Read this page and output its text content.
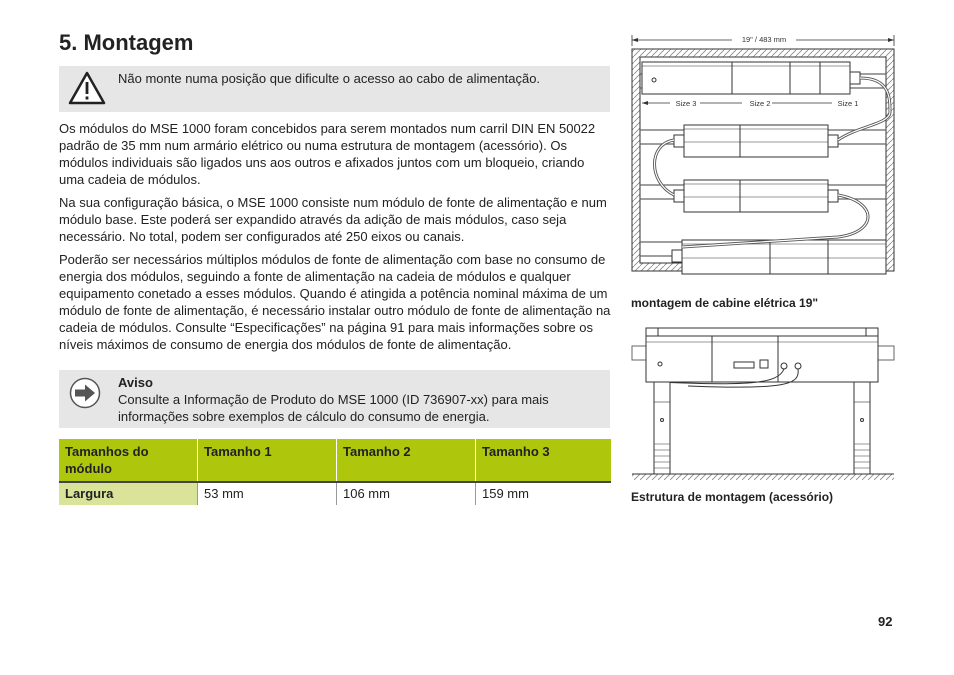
5. Montagem
Não monte numa posição que dificulte o acesso ao cabo de alimentação.

Os módulos do MSE 1000 foram concebidos para serem montados num carril DIN EN 50022 padrão de 35 mm num armário elétrico ou numa estrutura de montagem (acessório). Os módulos individuais são ligados uns aos outros e afixados juntos com um bloqueio, criando uma cadeia de módulos.

Na sua configuração básica, o MSE 1000 consiste num módulo de fonte de alimentação e num módulo base. Este poderá ser expandido através da adição de mais módulos, caso seja necessário. No total, podem ser configurados até 250 eixos ou canais.

Poderão ser necessários múltiplos módulos de fonte de alimentação com base no consumo de energia dos módulos, seguindo a fonte de alimentação na cadeia de módulos e qualquer equipamento conetado a esses módulos. Quando é atingida a potência nominal máxima de um módulo de fonte de alimentação, é necessário instalar outro módulo de fonte de alimentação na cadeia de módulos. Consulte “Especificações” na página 91 para mais informações sobre os níveis máximos de consumo de energia dos módulos de fonte de alimentação.

Aviso
Consulte a Informação de Produto do MSE 1000 (ID 736907-xx) para mais informações sobre exemplos de cálculo do consumo de energia.
Tamanhos do módulo	Tamanho 1	Tamanho 2	Tamanho 3
Largura	53 mm	106 mm	159 mm
19" / 483 mm
Size 3	Size 2	Size 1
montagem de cabine elétrica 19"
Estrutura de montagem (acessório)
92
